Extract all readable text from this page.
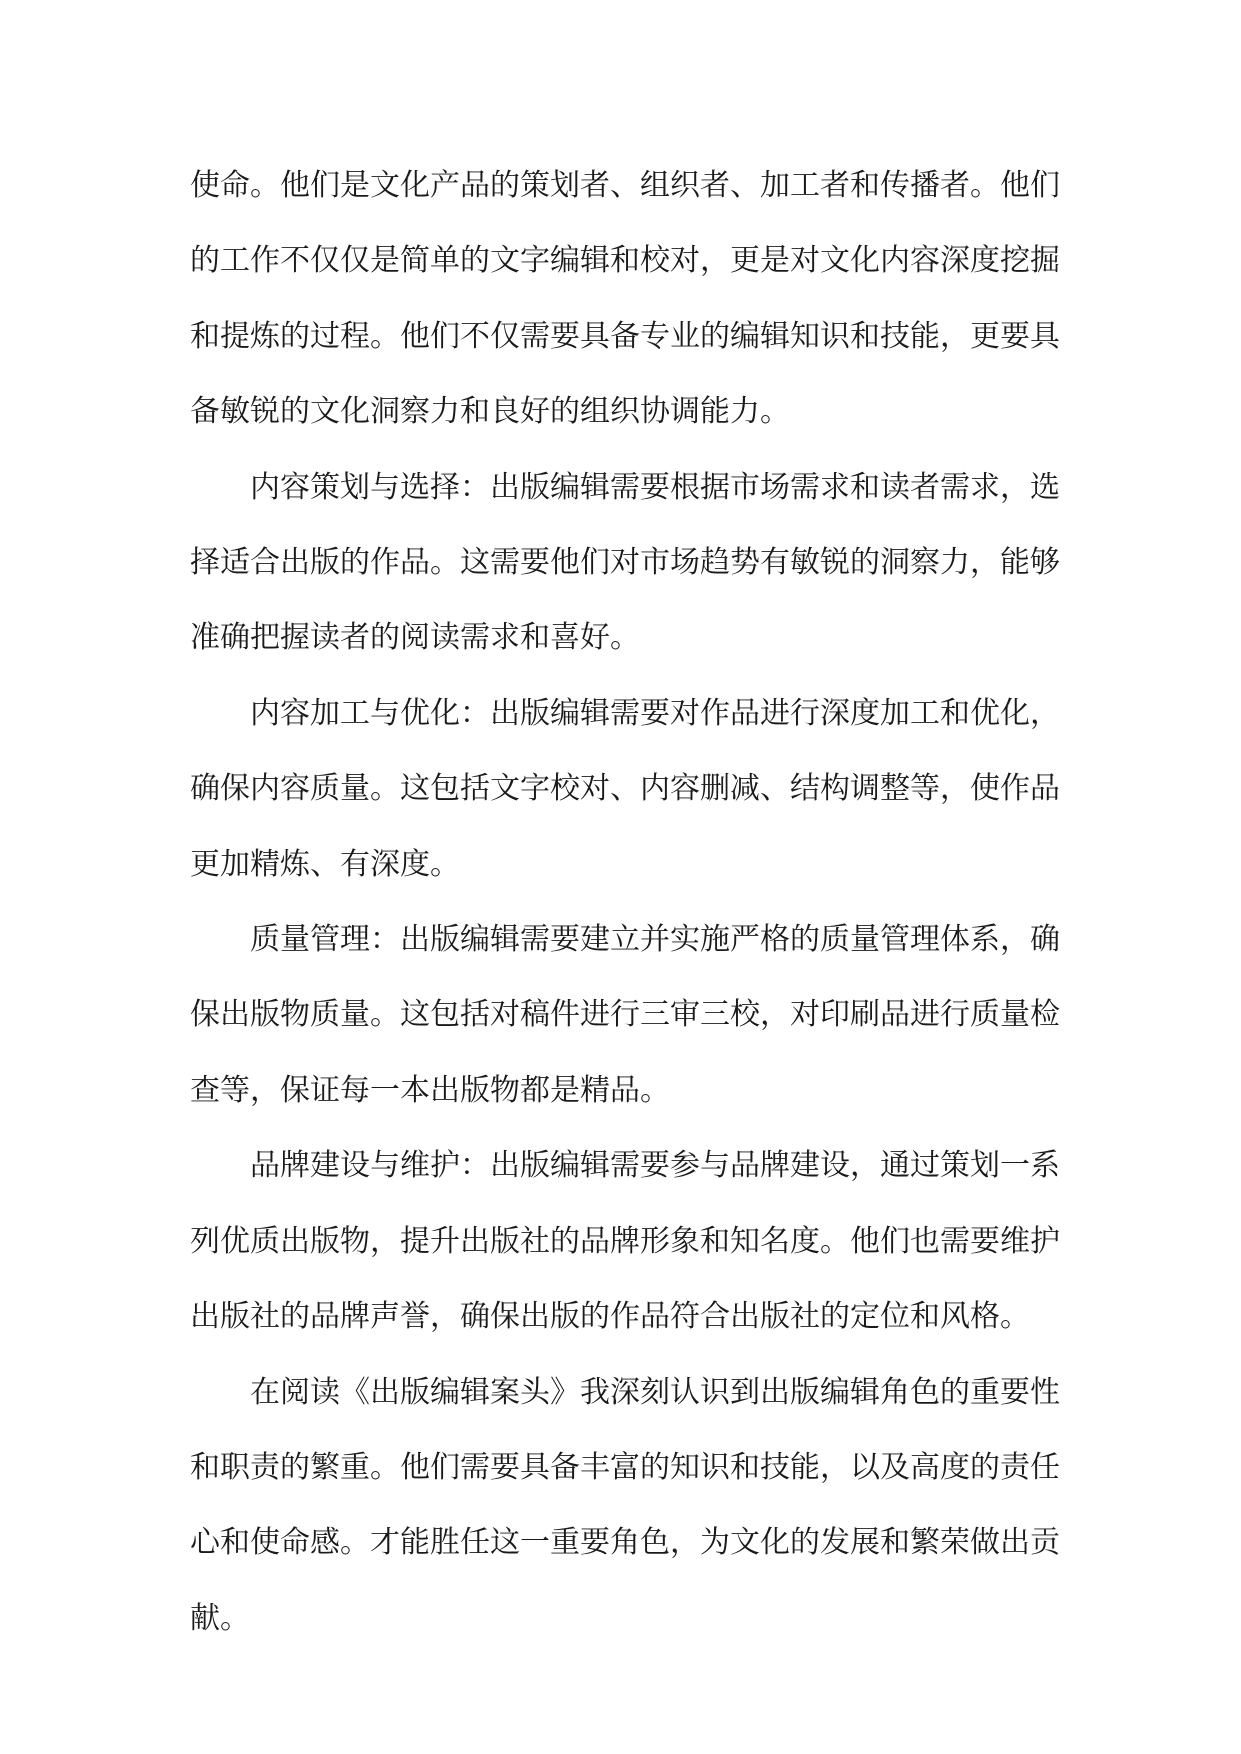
使命。他们是文化产品的策划者、组织者、加工者和传播者。他们的工作不仅仅是简单的文字编辑和校对，更是对文化内容深度挖掘和提炼的过程。他们不仅需要具备专业的编辑知识和技能，更要具备敏锐的文化洞察力和良好的组织协调能力。

内容策划与选择：出版编辑需要根据市场需求和读者需求，选择适合出版的作品。这需要他们对市场趋势有敏锐的洞察力，能够准确把握读者的阅读需求和喜好。

内容加工与优化：出版编辑需要对作品进行深度加工和优化，确保内容质量。这包括文字校对、内容删减、结构调整等，使作品更加精炼、有深度。

质量管理：出版编辑需要建立并实施严格的质量管理体系，确保出版物质量。这包括对稿件进行三审三校，对印刷品进行质量检查等，保证每一本出版物都是精品。

品牌建设与维护：出版编辑需要参与品牌建设，通过策划一系列优质出版物，提升出版社的品牌形象和知名度。他们也需要维护出版社的品牌声誉，确保出版的作品符合出版社的定位和风格。

在阅读《出版编辑案头》我深刻认识到出版编辑角色的重要性和职责的繁重。他们需要具备丰富的知识和技能，以及高度的责任心和使命感。才能胜任这一重要角色，为文化的发展和繁荣做出贡献。
